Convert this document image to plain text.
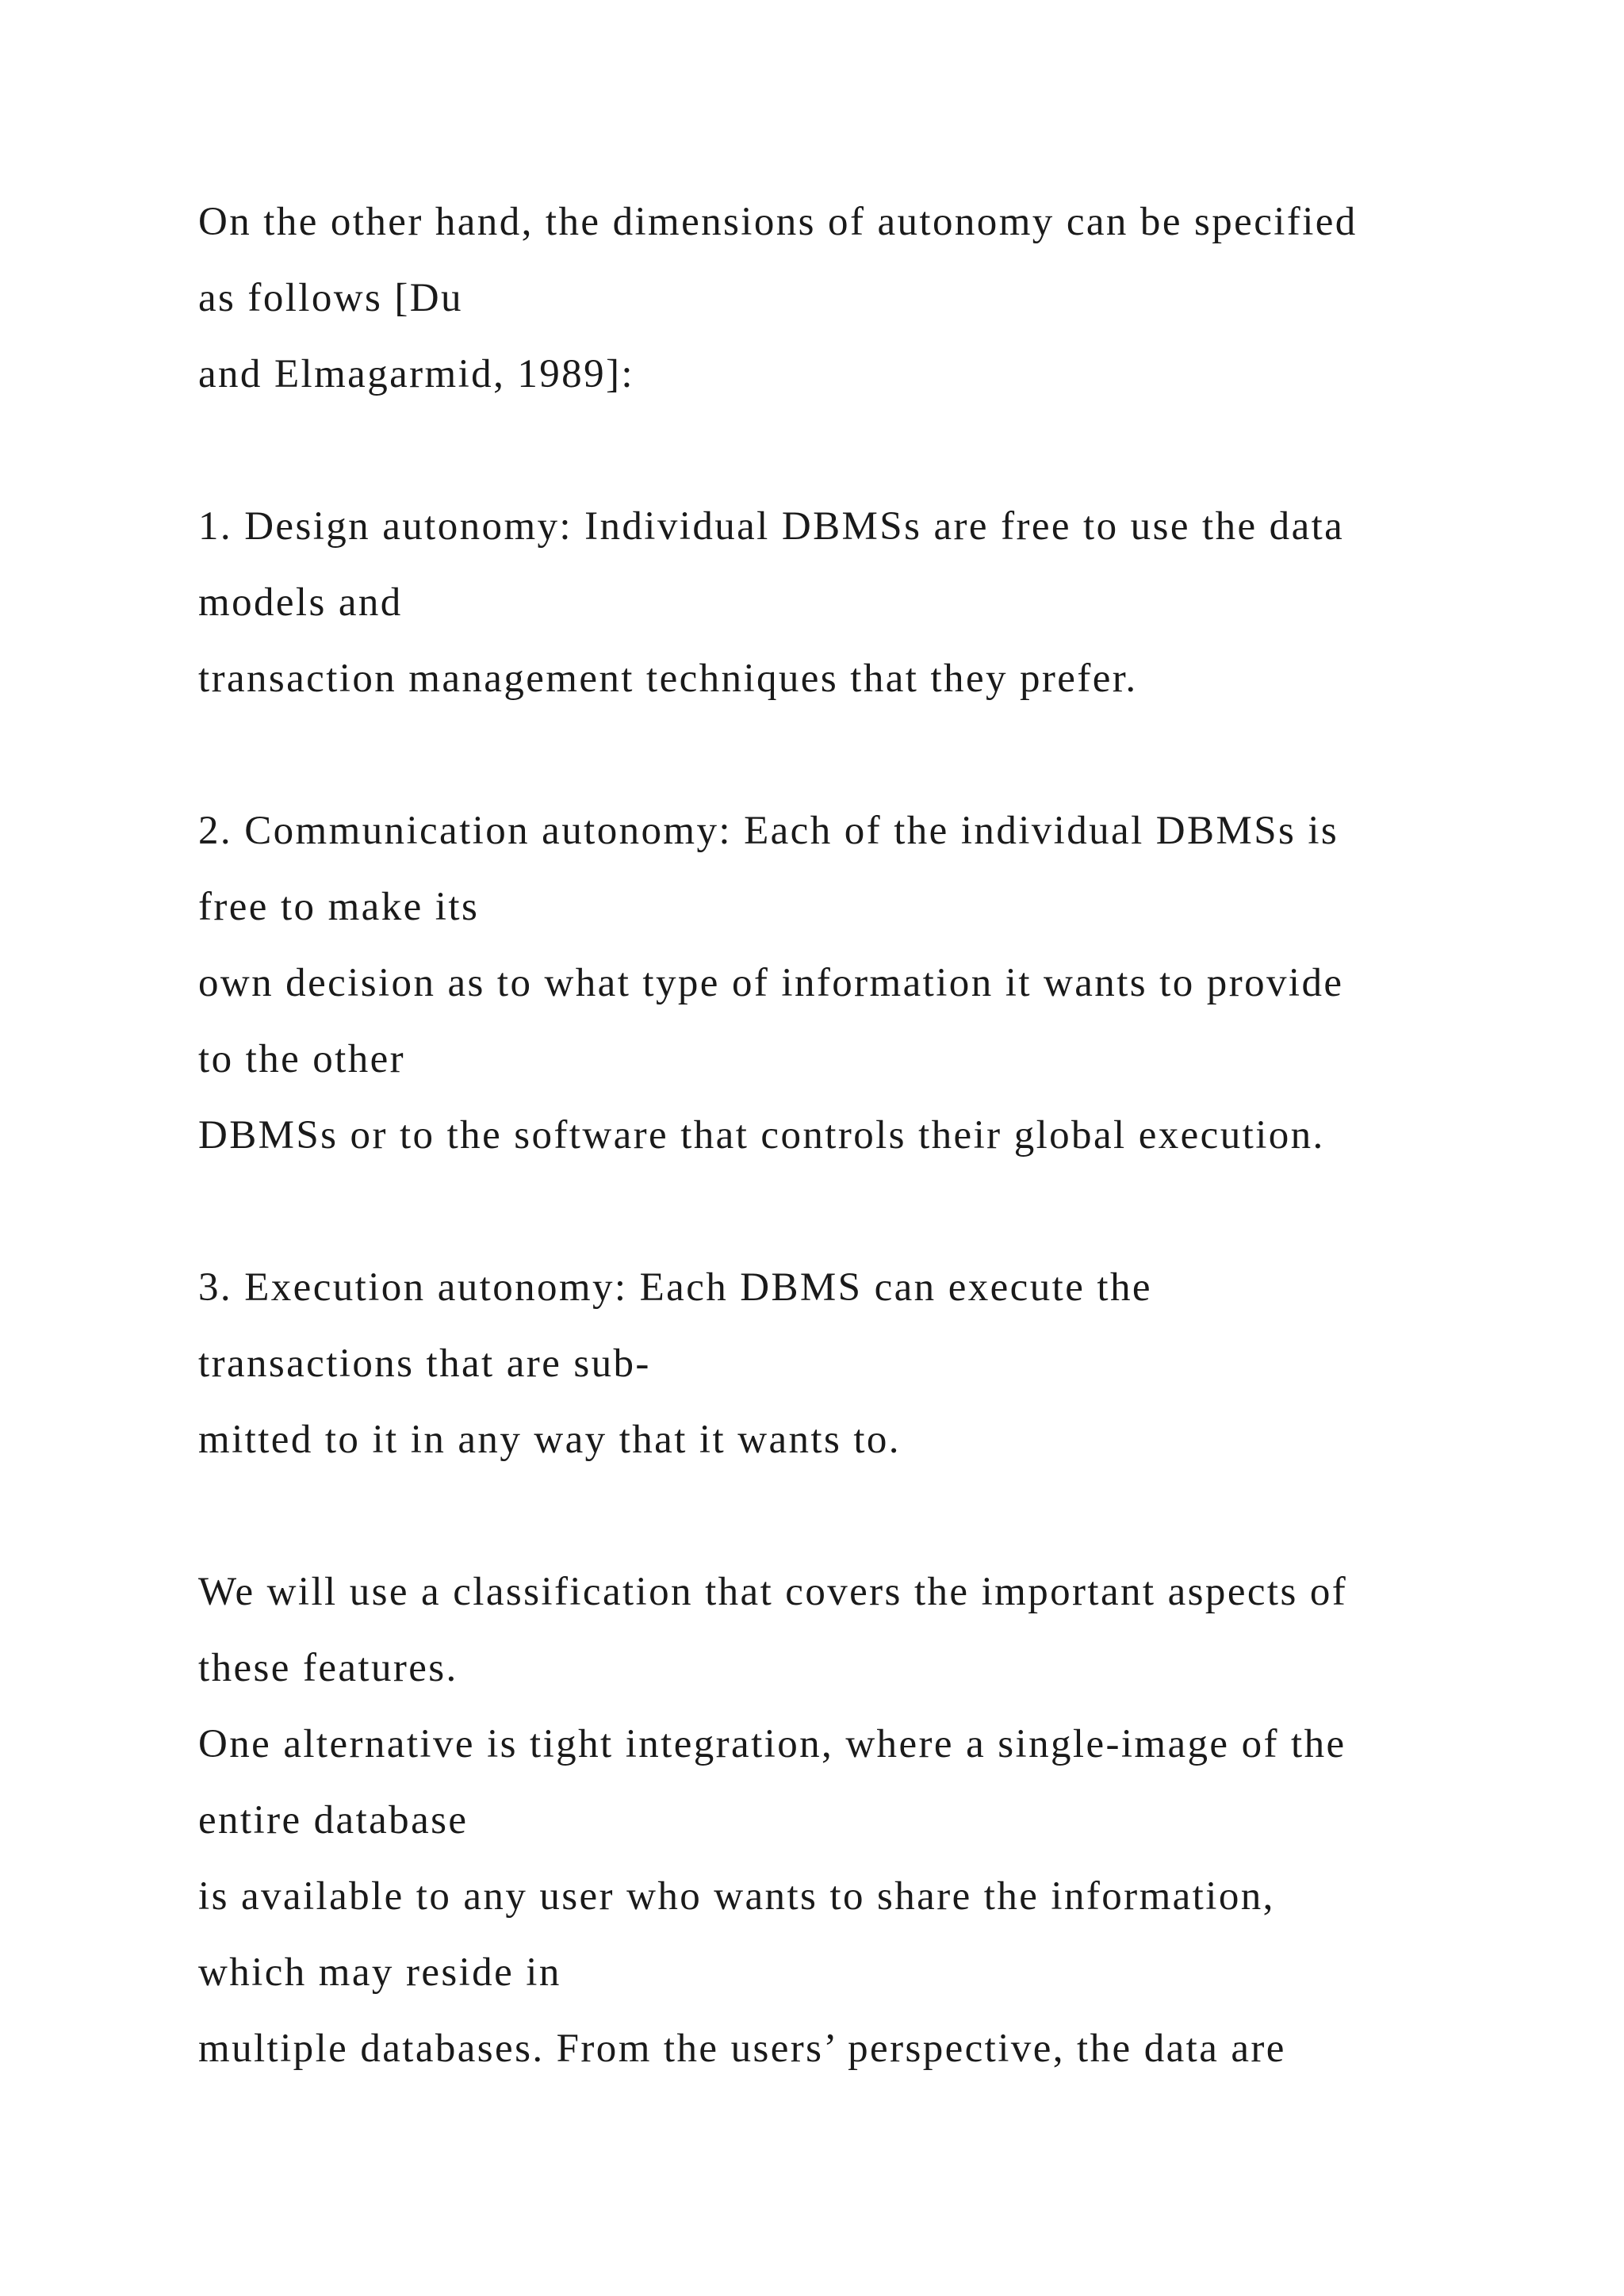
On the other hand, the dimensions of autonomy can be specified
as follows [Du
and Elmagarmid, 1989]:
1. Design autonomy: Individual DBMSs are free to use the data
models and
transaction management techniques that they prefer.
2. Communication autonomy: Each of the individual DBMSs is
free to make its
own decision as to what type of information it wants to provide
to the other
DBMSs or to the software that controls their global execution.
3. Execution autonomy: Each DBMS can execute the
transactions that are sub-
mitted to it in any way that it wants to.
We will use a classification that covers the important aspects of
these features.
One alternative is tight integration, where a single-image of the
entire database
is available to any user who wants to share the information,
which may reside in
multiple databases. From the users’ perspective, the data are
